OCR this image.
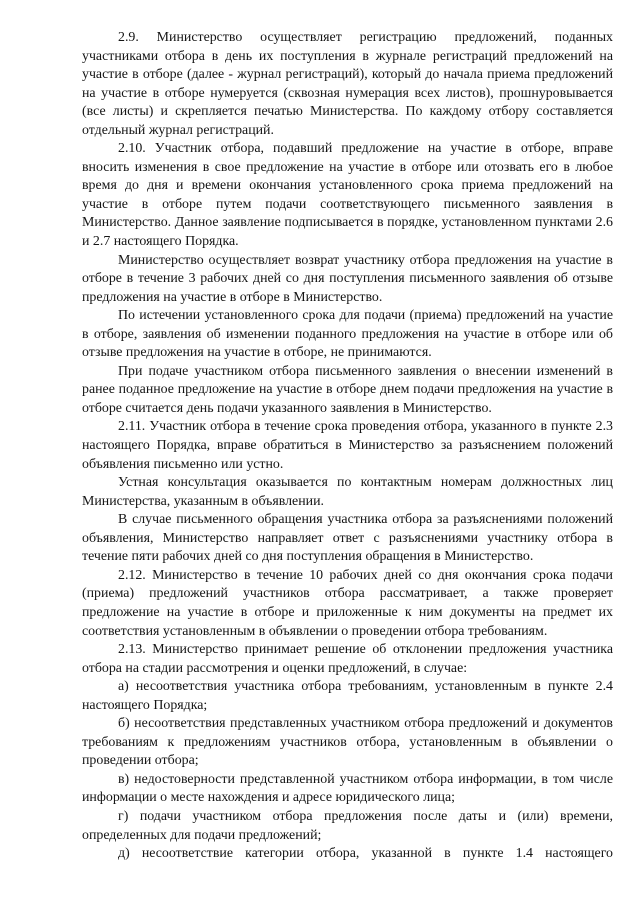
2.9. Министерство осуществляет регистрацию предложений, поданных участниками отбора в день их поступления в журнале регистраций предложений на участие в отборе (далее - журнал регистраций), который до начала приема предложений на участие в отборе нумеруется (сквозная нумерация всех листов), прошнуровывается (все листы) и скрепляется печатью Министерства. По каждому отбору составляется отдельный журнал регистраций.

2.10. Участник отбора, подавший предложение на участие в отборе, вправе вносить изменения в свое предложение на участие в отборе или отозвать его в любое время до дня и времени окончания установленного срока приема предложений на участие в отборе путем подачи соответствующего письменного заявления в Министерство. Данное заявление подписывается в порядке, установленном пунктами 2.6 и 2.7 настоящего Порядка.

Министерство осуществляет возврат участнику отбора предложения на участие в отборе в течение 3 рабочих дней со дня поступления письменного заявления об отзыве предложения на участие в отборе в Министерство.

По истечении установленного срока для подачи (приема) предложений на участие в отборе, заявления об изменении поданного предложения на участие в отборе или об отзыве предложения на участие в отборе, не принимаются.

При подаче участником отбора письменного заявления о внесении изменений в ранее поданное предложение на участие в отборе днем подачи предложения на участие в отборе считается день подачи указанного заявления в Министерство.

2.11. Участник отбора в течение срока проведения отбора, указанного в пункте 2.3 настоящего Порядка, вправе обратиться в Министерство за разъяснением положений объявления письменно или устно.

Устная консультация оказывается по контактным номерам должностных лиц Министерства, указанным в объявлении.

В случае письменного обращения участника отбора за разъяснениями положений объявления, Министерство направляет ответ с разъяснениями участнику отбора в течение пяти рабочих дней со дня поступления обращения в Министерство.

2.12. Министерство в течение 10 рабочих дней со дня окончания срока подачи (приема) предложений участников отбора рассматривает, а также проверяет предложение на участие в отборе и приложенные к ним документы на предмет их соответствия установленным в объявлении о проведении отбора требованиям.

2.13. Министерство принимает решение об отклонении предложения участника отбора на стадии рассмотрения и оценки предложений, в случае:

а) несоответствия участника отбора требованиям, установленным в пункте 2.4 настоящего Порядка;

б) несоответствия представленных участником отбора предложений и документов требованиям к предложениям участников отбора, установленным в объявлении о проведении отбора;

в) недостоверности представленной участником отбора информации, в том числе информации о месте нахождения и адресе юридического лица;

г) подачи участником отбора предложения после даты и (или) времени, определенных для подачи предложений;

д) несоответствие категории отбора, указанной в пункте 1.4 настоящего
